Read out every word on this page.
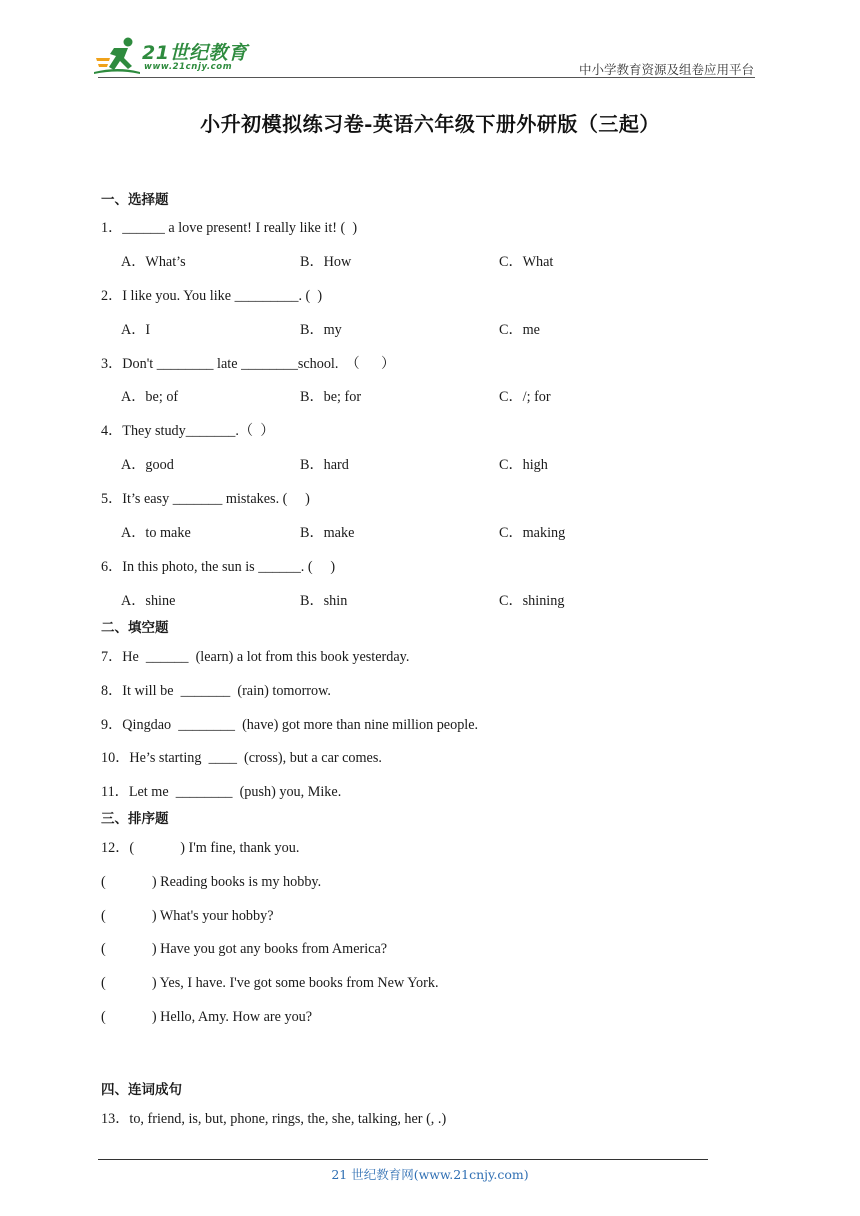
21世纪教育
www.21cnjy.com	中小学教育资源及组卷应用平台
小升初模拟练习卷-英语六年级下册外研版（三起）
一、选择题
1．______ a love present! I really like it! (  )
A．What’s	B．How	C．What
2．I like you. You like _________. (  )
A．I	B．my	C．me
3．Don't ________ late ________school.  （      ）
A．be; of	B．be; for	C．/; for
4．They study_______.（  ）
A．good	B．hard	C．high
5．It’s easy _______ mistakes. (     )
A．to make	B．make	C．making
6．In this photo, the sun is ______. (     )
A．shine	B．shin	C．shining
二、填空题
7．He  ______  (learn) a lot from this book yesterday.
8．It will be  _______  (rain) tomorrow.
9．Qingdao  ________  (have) got more than nine million people.
10．He’s starting  ____  (cross), but a car comes.
11．Let me  ________  (push) you, Mike.
三、排序题
12．(             ) I'm fine, thank you.
(             ) Reading books is my hobby.
(             ) What's your hobby?
(             ) Have you got any books from America?
(             ) Yes, I have. I've got some books from New York.
(             ) Hello, Amy. How are you?
四、连词成句
13．to, friend, is, but, phone, rings, the, she, talking, her (, .)
21 世纪教育网(www.21cnjy.com)
